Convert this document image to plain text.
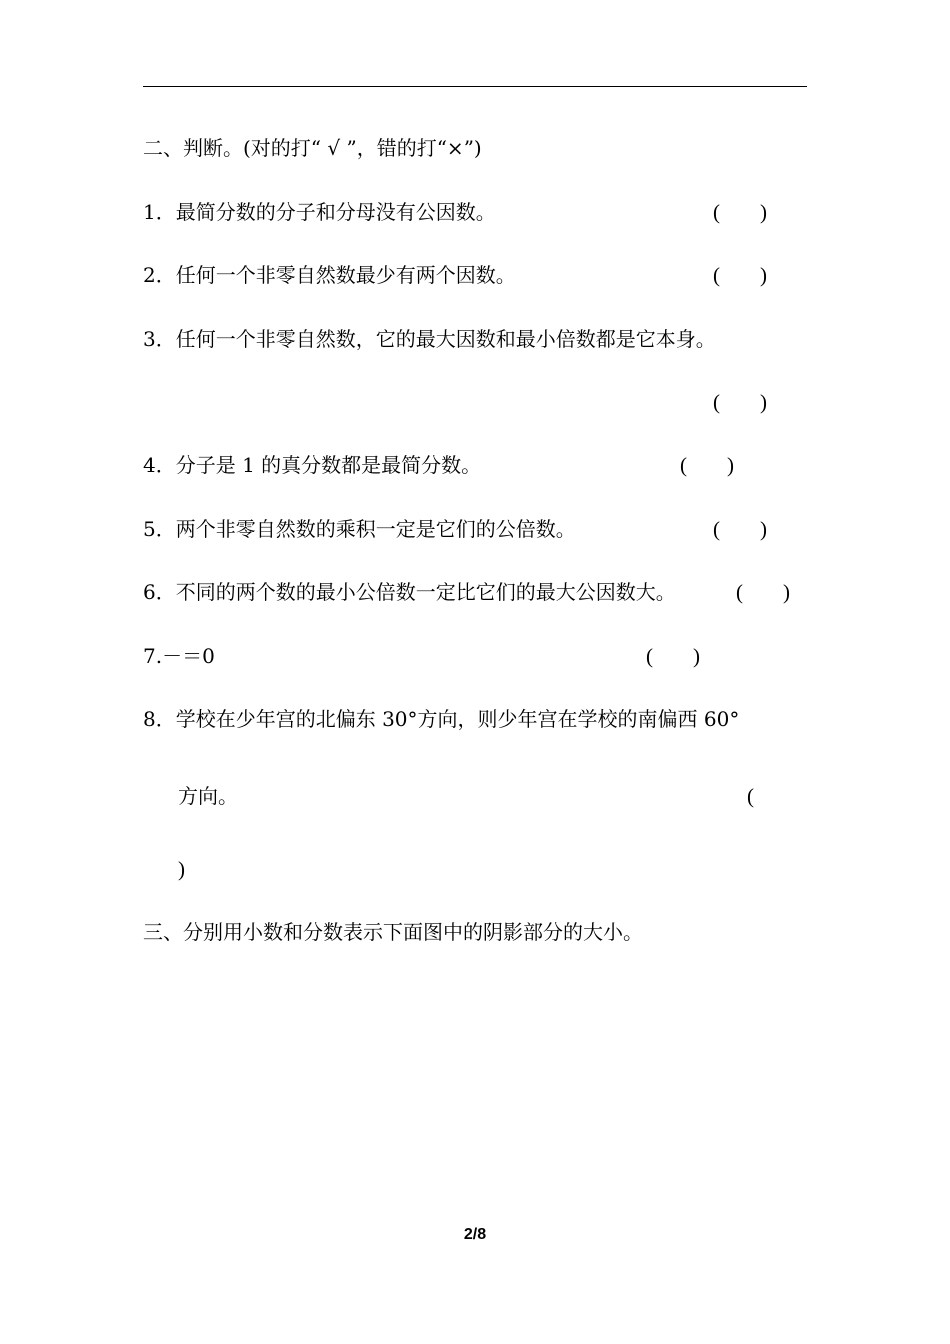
二、判断。(对的打“ √ ”，错的打“×”)
1．最简分数的分子和分母没有公因数。	( )
2．任何一个非零自然数最少有两个因数。	( )
3．任何一个非零自然数，它的最大因数和最小倍数都是它本身。
( )
4．分子是 1 的真分数都是最简分数。	( )
5．两个非零自然数的乘积一定是它们的公倍数。	( )
6．不同的两个数的最小公倍数一定比它们的最大公因数大。	( )
7.－＝0	( )
8．学校在少年宫的北偏东 30°方向，则少年宫在学校的南偏西 60°
方向。	(
)
三、分别用小数和分数表示下面图中的阴影部分的大小。
2/8
